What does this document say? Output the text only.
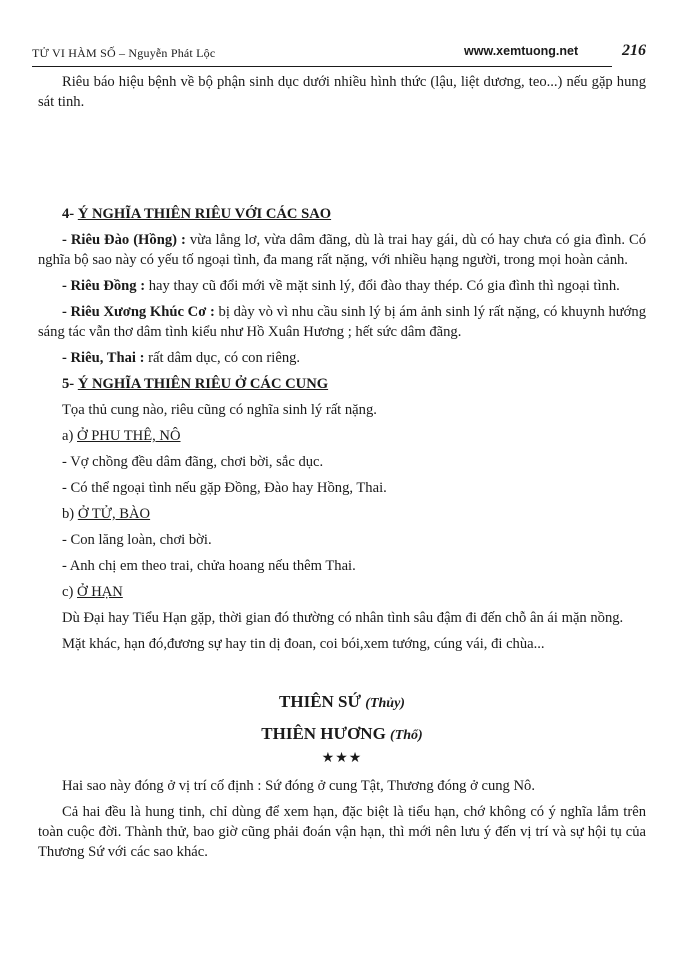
TỬ VI HÀM SỐ – Nguyễn Phát Lộc	www.xemtuong.net	216

Riêu báo hiệu bệnh về bộ phận sinh dục dưới nhiều hình thức (lậu, liệt dương, teo...) nếu gặp hung sát tinh.

4- Ý NGHĨA THIÊN RIÊU VỚI CÁC SAO

- Riêu Đào (Hồng) : vừa lẳng lơ, vừa dâm đãng, dù là trai hay gái, dù có hay chưa có gia đình. Có nghĩa bộ sao này có yếu tố ngoại tình, đa mang rất nặng, với nhiều hạng người, trong mọi hoàn cảnh.

- Riêu Đồng : hay thay cũ đổi mới về mặt sinh lý, đổi đào thay thép. Có gia đình thì ngoại tình.

- Riêu Xương Khúc Cơ : bị dày vò vì nhu cầu sinh lý bị ám ảnh sinh lý rất nặng, có khuynh hướng sáng tác vẫn thơ dâm tình kiểu như Hồ Xuân Hương ; hết sức dâm đãng.

- Riêu, Thai : rất dâm dục, có con riêng.

5- Ý NGHĨA THIÊN RIÊU Ở CÁC CUNG

Tọa thủ cung nào, riêu cũng có nghĩa sinh lý rất nặng.

a) Ở PHU THÊ, NÔ

- Vợ chồng đều dâm đãng, chơi bời, sắc dục.

- Có thể ngoại tình nếu gặp Đồng, Đào hay Hồng, Thai.

b) Ở TỬ, BÀO

- Con lăng loàn, chơi bời.

- Anh chị em theo trai, chửa hoang nếu thêm Thai.

c) Ở HẠN

Dù Đại hay Tiểu Hạn gặp, thời gian đó thường có nhân tình sâu đậm đi đến chỗ ân ái mặn nồng.

Mặt khác, hạn đó,đương sự hay tin dị đoan, coi bói,xem tướng, cúng vái, đi chùa...

THIÊN SỨ (Thủy)

THIÊN HƯƠNG (Thổ)

★★★

Hai sao này đóng ở vị trí cố định : Sứ đóng ở cung Tật, Thương đóng ở cung Nô.

Cả hai đều là hung tinh, chỉ dùng để xem hạn, đặc biệt là tiểu hạn, chớ không có ý nghĩa lắm trên toàn cuộc đời. Thành thử, bao giờ cũng phải đoán vận hạn, thì mới nên lưu ý đến vị trí và sự hội tụ của Thương Sứ với các sao khác.
